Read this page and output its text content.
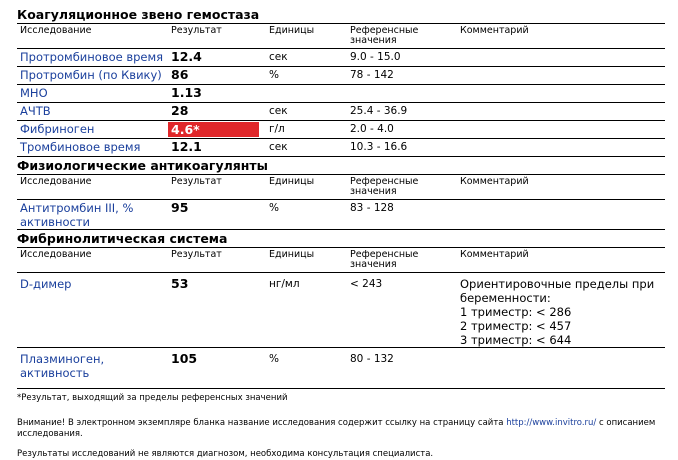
Коагуляционное звено гемостаза
Исследование	Результат	Единицы	Референсные значения	Комментарий
Протромбиновое время	12.4	сек	9.0 - 15.0	
Протромбин (по Квику)	86	%	78 - 142	
МНО	1.13			
АЧТВ	28	сек	25.4 - 36.9	
Фибриноген	4.6*	г/л	2.0 - 4.0	
Тромбиновое время	12.1	сек	10.3 - 16.6	
Физиологические антикоагулянты
Исследование	Результат	Единицы	Референсные значения	Комментарий
Антитромбин III, % активности	95	%	83 - 128	
Фибринолитическая система
Исследование	Результат	Единицы	Референсные значения	Комментарий
D-димер	53	нг/мл	< 243	Ориентировочные пределы при беременности:
1 триместр: < 286
2 триместр: < 457
3 триместр: < 644

Плазминоген, активность	105	%	80 - 132	

*Результат, выходящий за пределы референсных значений

Внимание! В электронном экземпляре бланка название исследования содержит ссылку на страницу сайта http://www.invitro.ru/ с описанием исследования.

Результаты исследований не являются диагнозом, необходима консультация специалиста.
